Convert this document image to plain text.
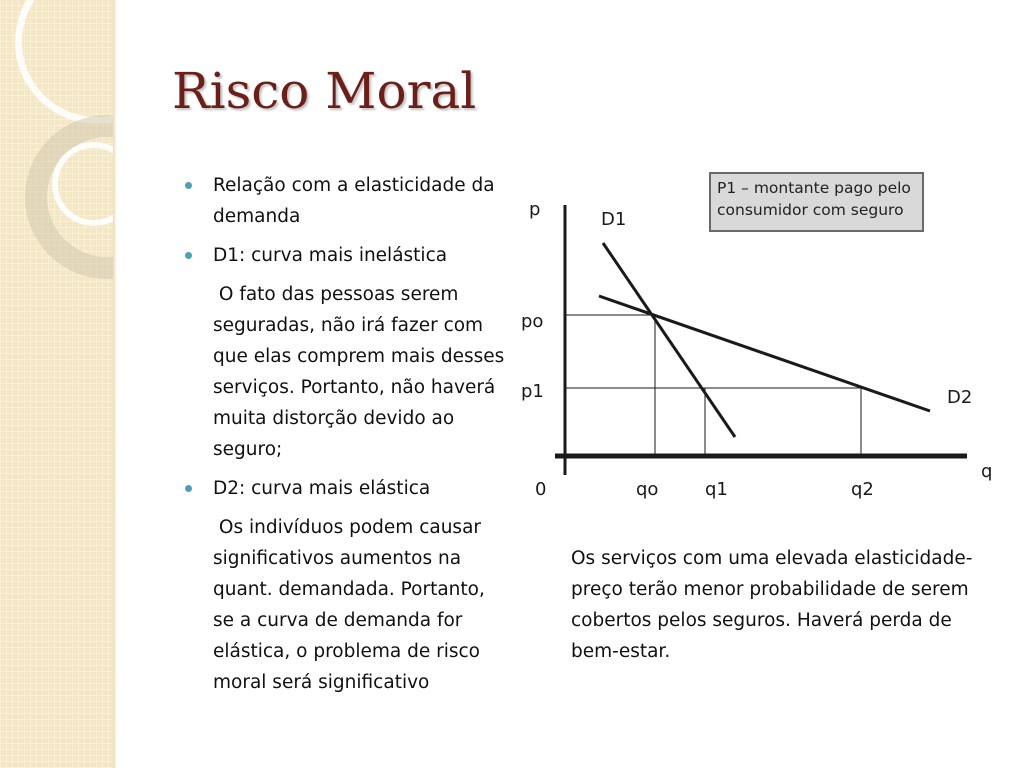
Risco Moral
Relação com a elasticidade da demanda
D1: curva mais inelástica
O fato das pessoas serem seguradas, não irá fazer com que elas comprem mais desses serviços. Portanto, não haverá muita distorção devido ao seguro;
D2: curva mais elástica
Os indivíduos podem causar significativos aumentos na quant. demandada. Portanto, se a curva de demanda for elástica, o problema de risco moral será significativo
P1 – montante pago pelo consumidor com seguro
p
q
0
po
p1
qo	q1	q2
D1
D2
Os serviços com uma elevada elasticidade-preço terão menor probabilidade de serem cobertos pelos seguros. Haverá perda de bem-estar.
